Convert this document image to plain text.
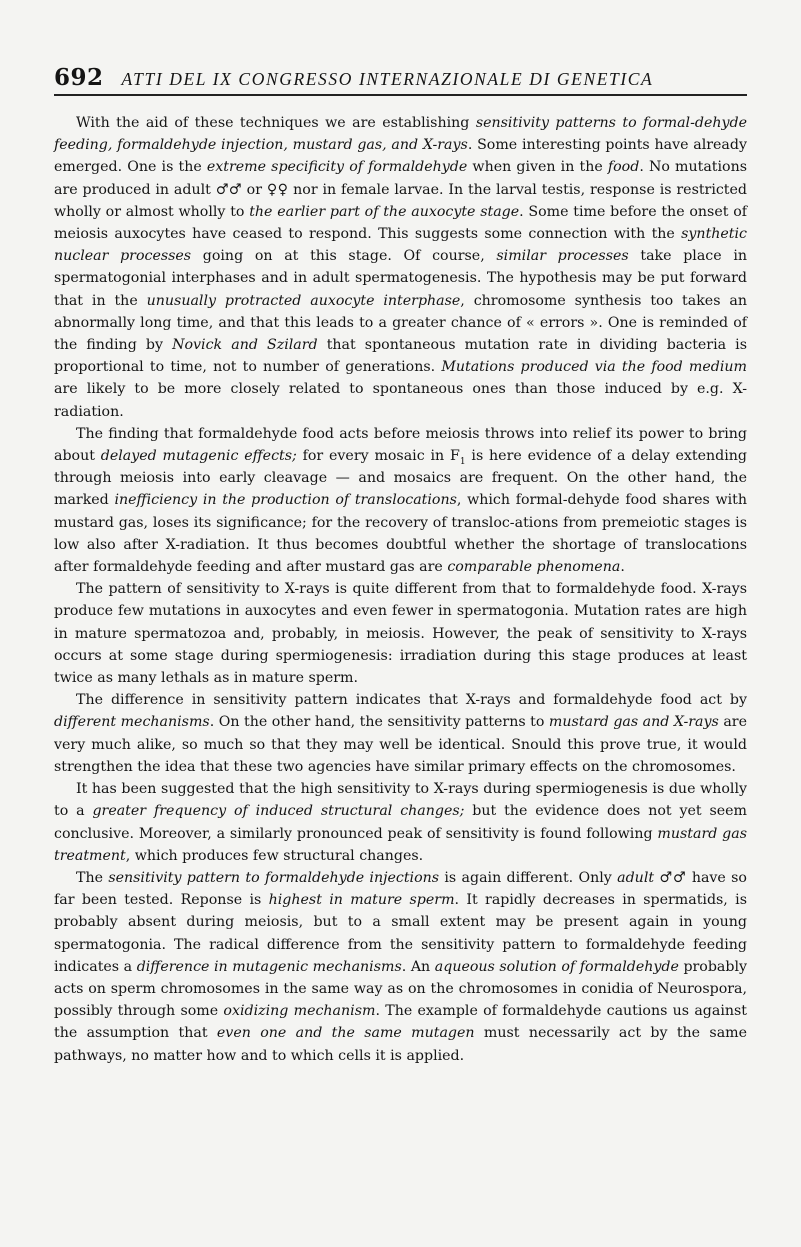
692 ATTI DEL IX CONGRESSO INTERNAZIONALE DI GENETICA

With the aid of these techniques we are establishing sensitivity patterns to formal-dehyde feeding, formaldehyde injection, mustard gas, and X-rays. Some interesting points have already emerged. One is the extreme specificity of formaldehyde when given in the food. No mutations are produced in adult ♂♂ or ♀♀ nor in female larvae. In the larval testis, response is restricted wholly or almost wholly to the earlier part of the auxocyte stage. Some time before the onset of meiosis auxocytes have ceased to respond. This suggests some connection with the synthetic nuclear processes going on at this stage. Of course, similar processes take place in spermatogonial interphases and in adult spermatogenesis. The hypothesis may be put forward that in the unusually protracted auxocyte interphase, chromosome synthesis too takes an abnormally long time, and that this leads to a greater chance of « errors ». One is reminded of the finding by Novick and Szilard that spontaneous mutation rate in dividing bacteria is proportional to time, not to number of generations. Mutations produced via the food medium are likely to be more closely related to spontaneous ones than those induced by e.g. X-radiation.

The finding that formaldehyde food acts before meiosis throws into relief its power to bring about delayed mutagenic effects; for every mosaic in $F_1$ is here evidence of a delay extending through meiosis into early cleavage — and mosaics are frequent. On the other hand, the marked inefficiency in the production of translocations, which formal-dehyde food shares with mustard gas, loses its significance; for the recovery of transloc-ations from premeiotic stages is low also after X-radiation. It thus becomes doubtful whether the shortage of translocations after formaldehyde feeding and after mustard gas are comparable phenomena.

The pattern of sensitivity to X-rays is quite different from that to formaldehyde food. X-rays produce few mutations in auxocytes and even fewer in spermatogonia. Mutation rates are high in mature spermatozoa and, probably, in meiosis. However, the peak of sensitivity to X-rays occurs at some stage during spermiogenesis: irradiation during this stage produces at least twice as many lethals as in mature sperm.

The difference in sensitivity pattern indicates that X-rays and formaldehyde food act by different mechanisms. On the other hand, the sensitivity patterns to mustard gas and X-rays are very much alike, so much so that they may well be identical. Snould this prove true, it would strengthen the idea that these two agencies have similar primary effects on the chromosomes.

It has been suggested that the high sensitivity to X-rays during spermiogenesis is due wholly to a greater frequency of induced structural changes; but the evidence does not yet seem conclusive. Moreover, a similarly pronounced peak of sensitivity is found following mustard gas treatment, which produces few structural changes.

The sensitivity pattern to formaldehyde injections is again different. Only adult ♂♂ have so far been tested. Reponse is highest in mature sperm. It rapidly decreases in spermatids, is probably absent during meiosis, but to a small extent may be present again in young spermatogonia. The radical difference from the sensitivity pattern to formaldehyde feeding indicates a difference in mutagenic mechanisms. An aqueous solution of formaldehyde probably acts on sperm chromosomes in the same way as on the chromosomes in conidia of Neurospora, possibly through some oxidizing mechanism. The example of formaldehyde cautions us against the assumption that even one and the same mutagen must necessarily act by the same pathways, no matter how and to which cells it is applied.
